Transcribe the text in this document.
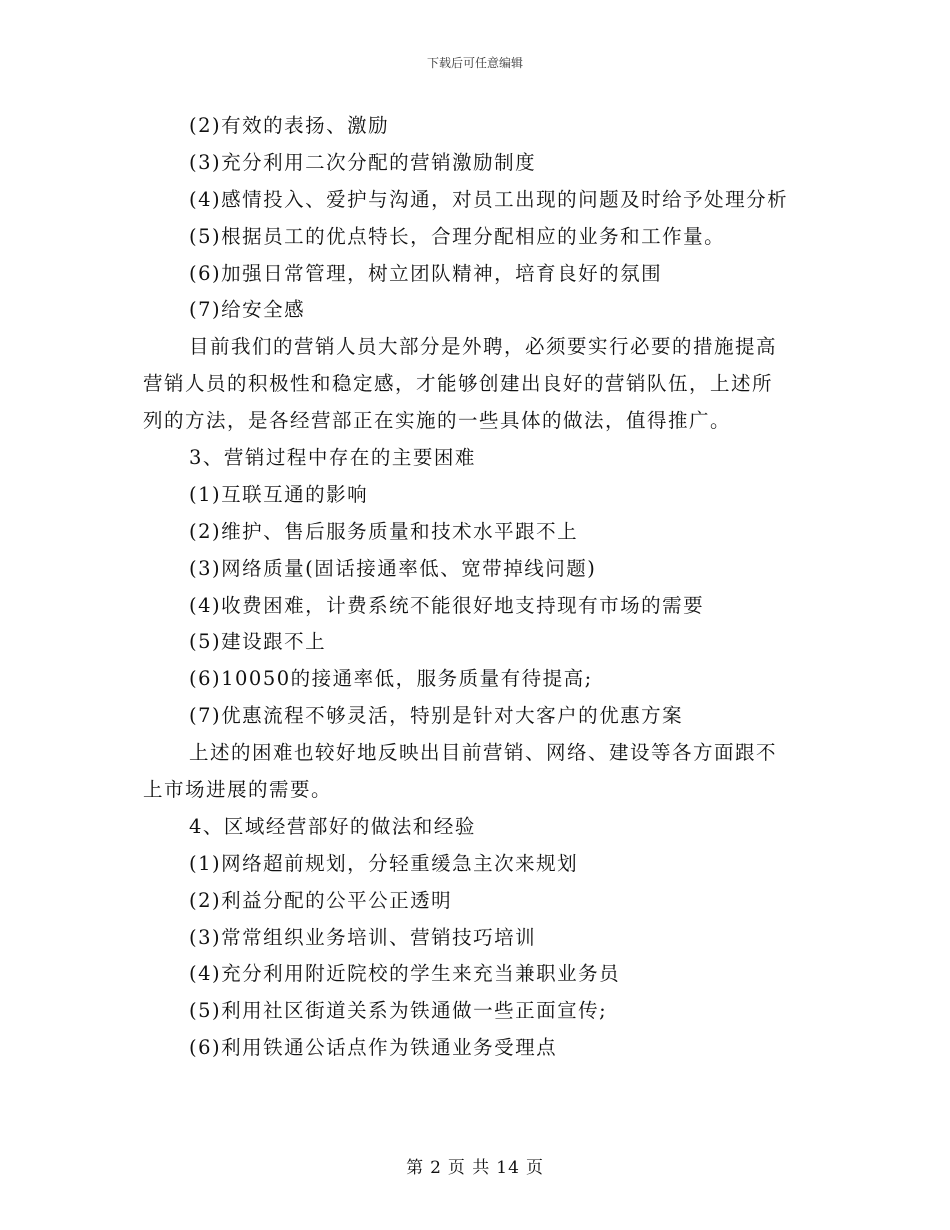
下载后可任意编辑
(2)有效的表扬、激励
(3)充分利用二次分配的营销激励制度
(4)感情投入、爱护与沟通，对员工出现的问题及时给予处理分析
(5)根据员工的优点特长，合理分配相应的业务和工作量。
(6)加强日常管理，树立团队精神，培育良好的氛围
(7)给安全感
目前我们的营销人员大部分是外聘，必须要实行必要的措施提高
营销人员的积极性和稳定感，才能够创建出良好的营销队伍，上述所
列的方法，是各经营部正在实施的一些具体的做法，值得推广。
3、营销过程中存在的主要困难
(1)互联互通的影响
(2)维护、售后服务质量和技术水平跟不上
(3)网络质量(固话接通率低、宽带掉线问题)
(4)收费困难，计费系统不能很好地支持现有市场的需要
(5)建设跟不上
(6)10050的接通率低，服务质量有待提高;
(7)优惠流程不够灵活，特别是针对大客户的优惠方案
上述的困难也较好地反映出目前营销、网络、建设等各方面跟不
上市场进展的需要。
4、区域经营部好的做法和经验
(1)网络超前规划，分轻重缓急主次来规划
(2)利益分配的公平公正透明
(3)常常组织业务培训、营销技巧培训
(4)充分利用附近院校的学生来充当兼职业务员
(5)利用社区街道关系为铁通做一些正面宣传;
(6)利用铁通公话点作为铁通业务受理点
第 2 页 共 14 页
